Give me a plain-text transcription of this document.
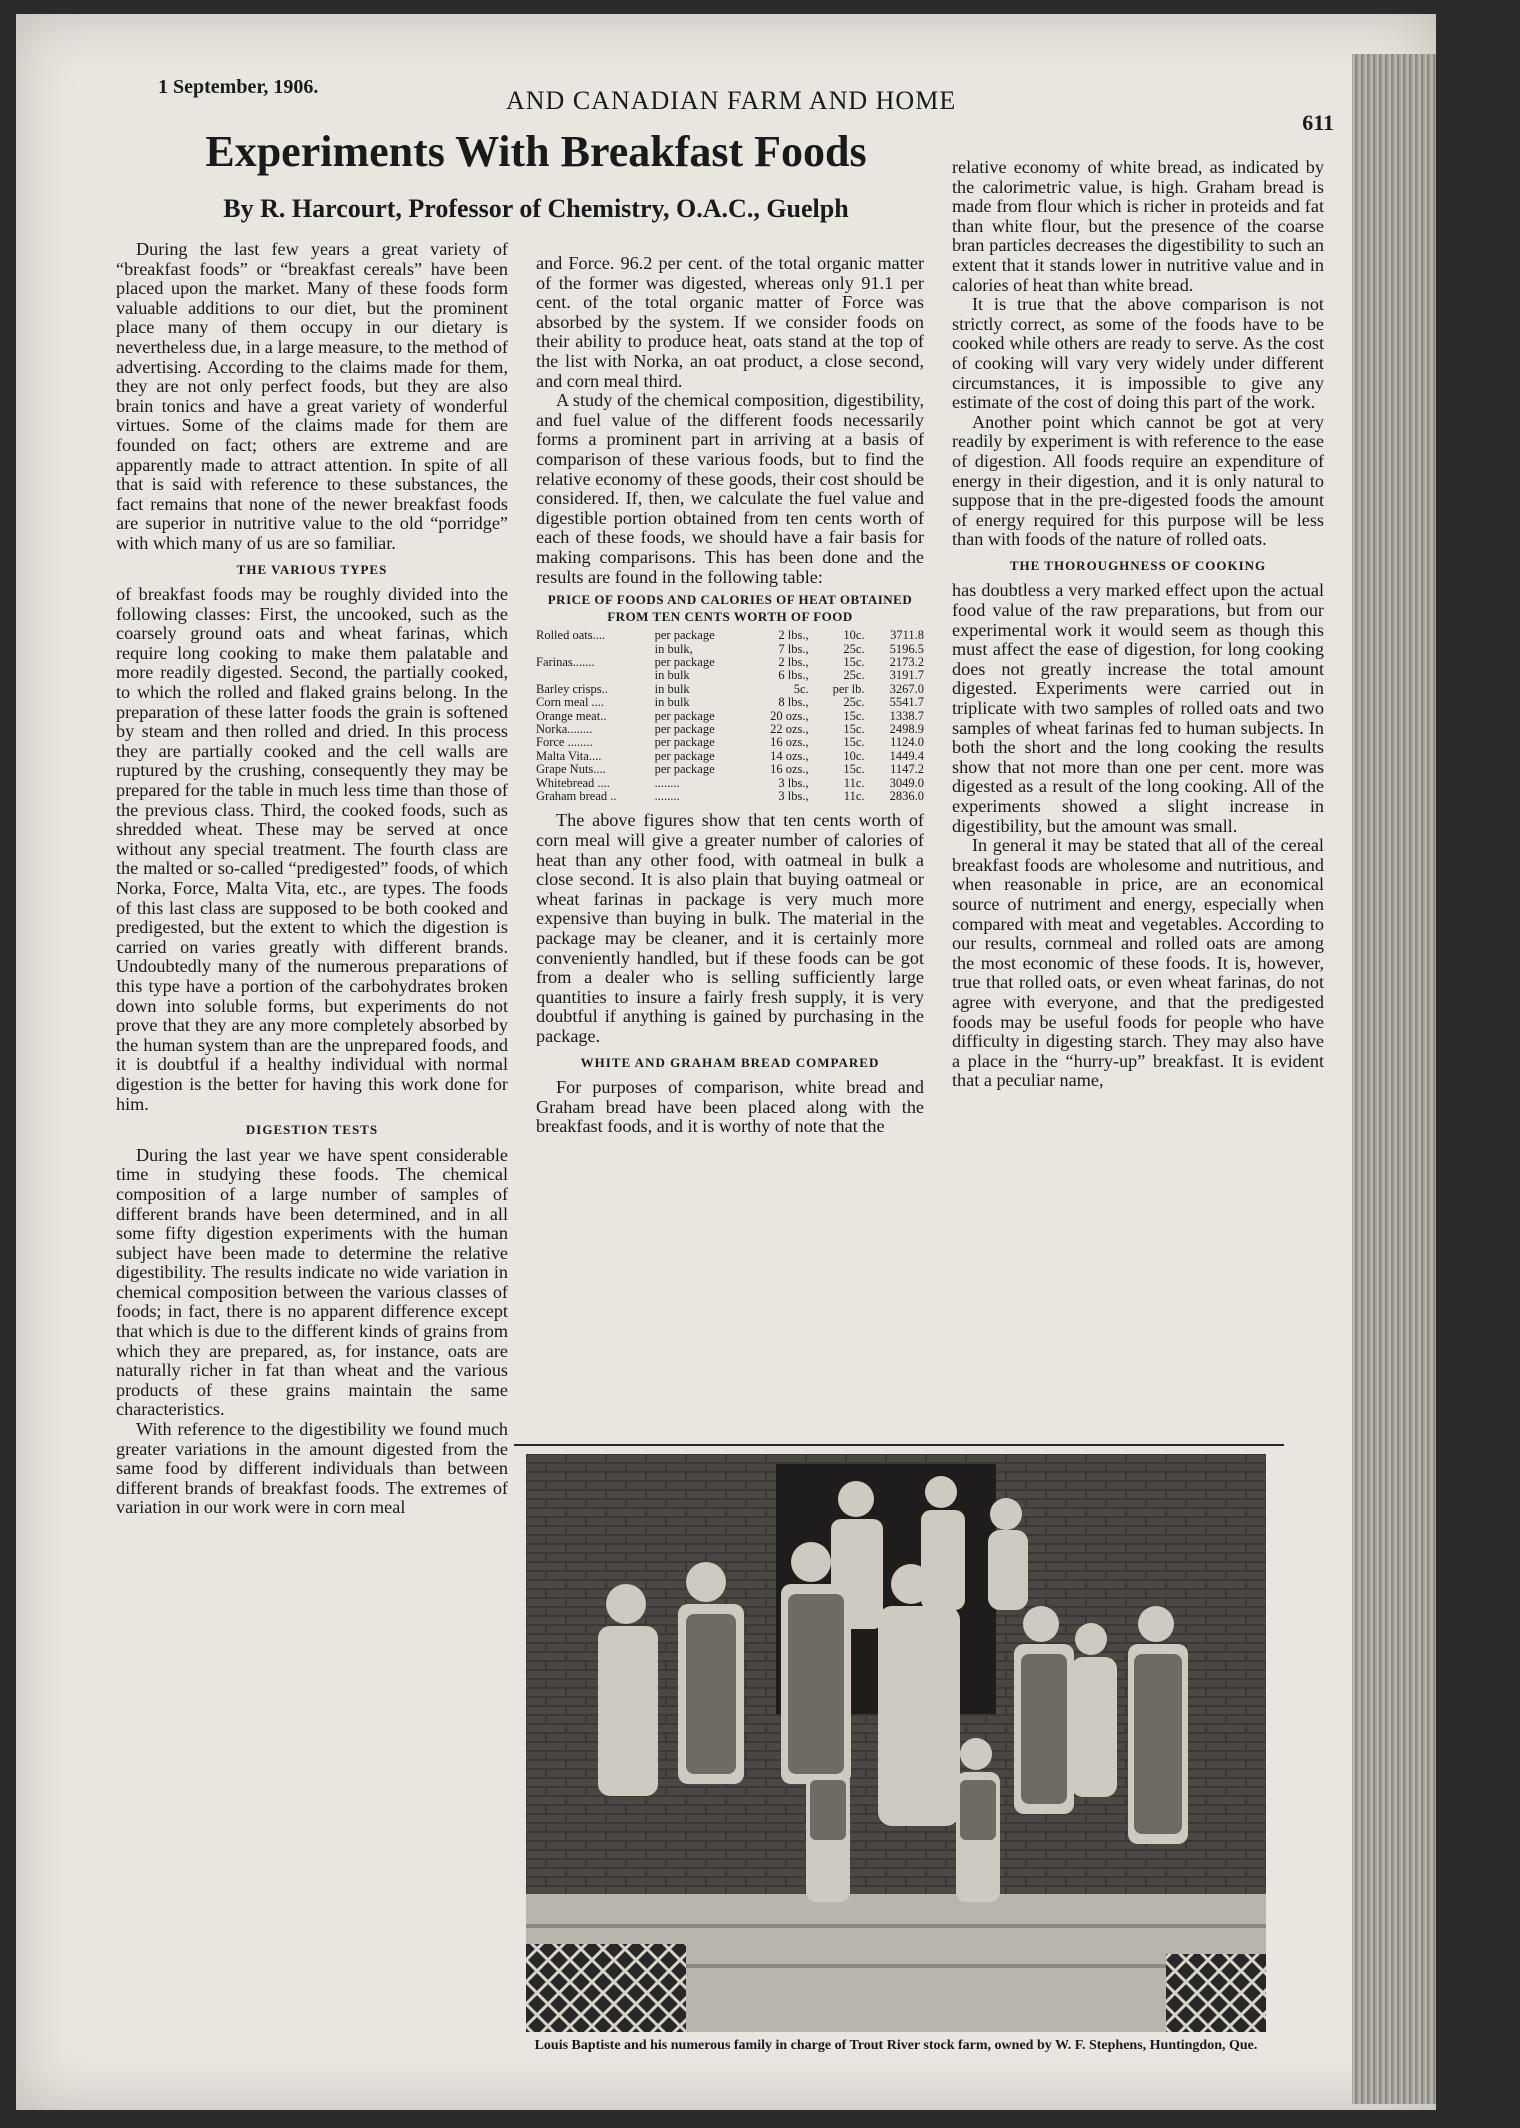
1 September, 1906.	AND CANADIAN FARM AND HOME
611
Experiments With Breakfast Foods
By R. Harcourt, Professor of Chemistry, O.A.C., Guelph

During the last few years a great variety of “breakfast foods” or “breakfast cereals” have been placed upon the market. Many of these foods form valuable additions to our diet, but the prominent place many of them occupy in our dietary is nevertheless due, in a large measure, to the method of advertising. According to the claims made for them, they are not only perfect foods, but they are also brain tonics and have a great variety of wonderful virtues. Some of the claims made for them are founded on fact; others are extreme and are apparently made to attract attention. In spite of all that is said with reference to these substances, the fact remains that none of the newer breakfast foods are superior in nutritive value to the old “porridge” with which many of us are so familiar.

THE VARIOUS TYPES

of breakfast foods may be roughly divided into the following classes: First, the uncooked, such as the coarsely ground oats and wheat farinas, which require long cooking to make them palatable and more readily digested. Second, the partially cooked, to which the rolled and flaked grains belong. In the preparation of these latter foods the grain is softened by steam and then rolled and dried. In this process they are partially cooked and the cell walls are ruptured by the crushing, consequently they may be prepared for the table in much less time than those of the previous class. Third, the cooked foods, such as shredded wheat. These may be served at once without any special treatment. The fourth class are the malted or so-called “predigested” foods, of which Norka, Force, Malta Vita, etc., are types. The foods of this last class are supposed to be both cooked and predigested, but the extent to which the digestion is carried on varies greatly with different brands. Undoubtedly many of the numerous preparations of this type have a portion of the carbohydrates broken down into soluble forms, but experiments do not prove that they are any more completely absorbed by the human system than are the unprepared foods, and it is doubtful if a healthy individual with normal digestion is the better for having this work done for him.

DIGESTION TESTS

During the last year we have spent considerable time in studying these foods. The chemical composition of a large number of samples of different brands have been determined, and in all some fifty digestion experiments with the human subject have been made to determine the relative digestibility. The results indicate no wide variation in chemical composition between the various classes of foods; in fact, there is no apparent difference except that which is due to the different kinds of grains from which they are prepared, as, for instance, oats are naturally richer in fat than wheat and the various products of these grains maintain the same characteristics.

With reference to the digestibility we found much greater variations in the amount digested from the same food by different individuals than between different brands of breakfast foods. The extremes of variation in our work were in corn meal

and Force. 96.2 per cent. of the total organic matter of the former was digested, whereas only 91.1 per cent. of the total organic matter of Force was absorbed by the system. If we consider foods on their ability to produce heat, oats stand at the top of the list with Norka, an oat product, a close second, and corn meal third.

A study of the chemical composition, digestibility, and fuel value of the different foods necessarily forms a prominent part in arriving at a basis of comparison of these various foods, but to find the relative economy of these goods, their cost should be considered. If, then, we calculate the fuel value and digestible portion obtained from ten cents worth of each of these foods, we should have a fair basis for making comparisons. This has been done and the results are found in the following table:

PRICE OF FOODS AND CALORIES OF HEAT OBTAINED FROM TEN CENTS WORTH OF FOOD
Rolled oats....	per package	2 lbs.,	10c.	3711.8
	in bulk,	7 lbs.,	25c.	5196.5
Farinas.......	per package	2 lbs.,	15c.	2173.2
	in bulk	6 lbs.,	25c.	3191.7
Barley crisps..	in bulk	5c.	per lb.	3267.0
Corn meal ....	in bulk	8 lbs.,	25c.	5541.7
Orange meat..	per package	20 ozs.,	15c.	1338.7
Norka........	per package	22 ozs.,	15c.	2498.9
Force ........	per package	16 ozs.,	15c.	1124.0
Malta Vita....	per package	14 ozs.,	10c.	1449.4
Grape Nuts....	per package	16 ozs.,	15c.	1147.2
Whitebread ....	........	3 lbs.,	11c.	3049.0
Graham bread ..	........	3 lbs.,	11c.	2836.0

The above figures show that ten cents worth of corn meal will give a greater number of calories of heat than any other food, with oatmeal in bulk a close second. It is also plain that buying oatmeal or wheat farinas in package is very much more expensive than buying in bulk. The material in the package may be cleaner, and it is certainly more conveniently handled, but if these foods can be got from a dealer who is selling sufficiently large quantities to insure a fairly fresh supply, it is very doubtful if anything is gained by purchasing in the package.

WHITE AND GRAHAM BREAD COMPARED

For purposes of comparison, white bread and Graham bread have been placed along with the breakfast foods, and it is worthy of note that the

relative economy of white bread, as indicated by the calorimetric value, is high. Graham bread is made from flour which is richer in proteids and fat than white flour, but the presence of the coarse bran particles decreases the digestibility to such an extent that it stands lower in nutritive value and in calories of heat than white bread.

It is true that the above comparison is not strictly correct, as some of the foods have to be cooked while others are ready to serve. As the cost of cooking will vary very widely under different circumstances, it is impossible to give any estimate of the cost of doing this part of the work.

Another point which cannot be got at very readily by experiment is with reference to the ease of digestion. All foods require an expenditure of energy in their digestion, and it is only natural to suppose that in the pre-digested foods the amount of energy required for this purpose will be less than with foods of the nature of rolled oats.

THE THOROUGHNESS OF COOKING

has doubtless a very marked effect upon the actual food value of the raw preparations, but from our experimental work it would seem as though this must affect the ease of digestion, for long cooking does not greatly increase the total amount digested. Experiments were carried out in triplicate with two samples of rolled oats and two samples of wheat farinas fed to human subjects. In both the short and the long cooking the results show that not more than one per cent. more was digested as a result of the long cooking. All of the experiments showed a slight increase in digestibility, but the amount was small.

In general it may be stated that all of the cereal breakfast foods are wholesome and nutritious, and when reasonable in price, are an economical source of nutriment and energy, especially when compared with meat and vegetables. According to our results, cornmeal and rolled oats are among the most economic of these foods. It is, however, true that rolled oats, or even wheat farinas, do not agree with everyone, and that the predigested foods may be useful foods for people who have difficulty in digesting starch. They may also have a place in the “hurry-up” breakfast. It is evident that a peculiar name,

Louis Baptiste and his numerous family in charge of Trout River stock farm, owned by W. F. Stephens, Huntingdon, Que.
